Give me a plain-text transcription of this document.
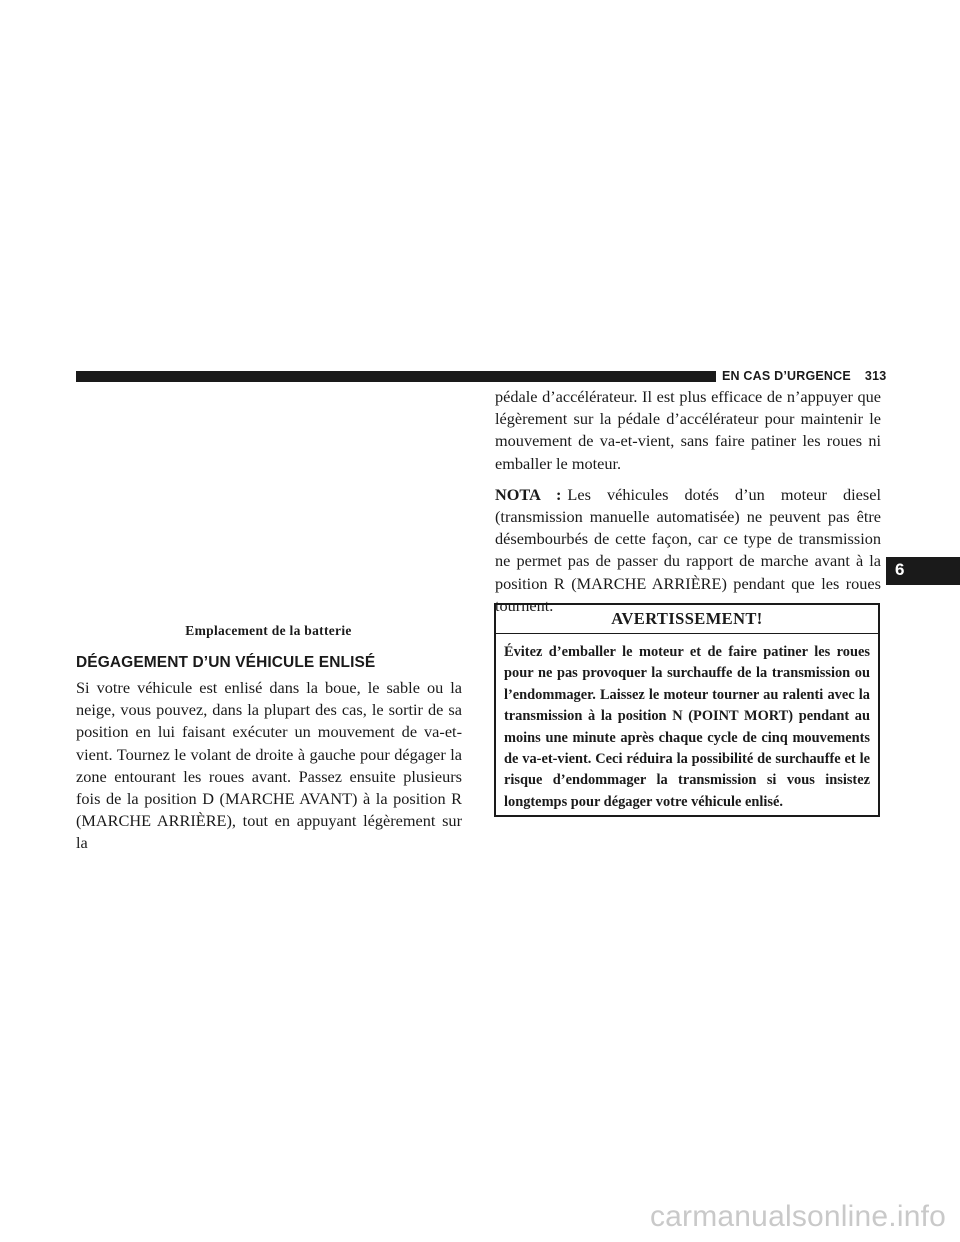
EN CAS D’URGENCE 313
Emplacement de la batterie
DÉGAGEMENT D’UN VÉHICULE ENLISÉ
Si votre véhicule est enlisé dans la boue, le sable ou la neige, vous pouvez, dans la plupart des cas, le sortir de sa position en lui faisant exécuter un mouvement de va-et-vient. Tournez le volant de droite à gauche pour dégager la zone entourant les roues avant. Passez ensuite plusieurs fois de la position D (MARCHE AVANT) à la position R (MARCHE ARRIÈRE), tout en appuyant légèrement sur la

pédale d’accélérateur. Il est plus efficace de n’appuyer que légèrement sur la pédale d’accélérateur pour maintenir le mouvement de va-et-vient, sans faire patiner les roues ni emballer le moteur.

NOTA : Les véhicules dotés d’un moteur diesel (transmission manuelle automatisée) ne peuvent pas être désembourbés de cette façon, car ce type de transmission ne permet pas de passer du rapport de marche avant à la position R (MARCHE ARRIÈRE) pendant que les roues tournent.

AVERTISSEMENT!
Évitez d’emballer le moteur et de faire patiner les roues pour ne pas provoquer la surchauffe de la transmission ou l’endommager. Laissez le moteur tourner au ralenti avec la transmission à la position N (POINT MORT) pendant au moins une minute après chaque cycle de cinq mouvements de va-et-vient. Ceci réduira la possibilité de surchauffe et le risque d’endommager la transmission si vous insistez longtemps pour dégager votre véhicule enlisé.
6
carmanualsonline.info
